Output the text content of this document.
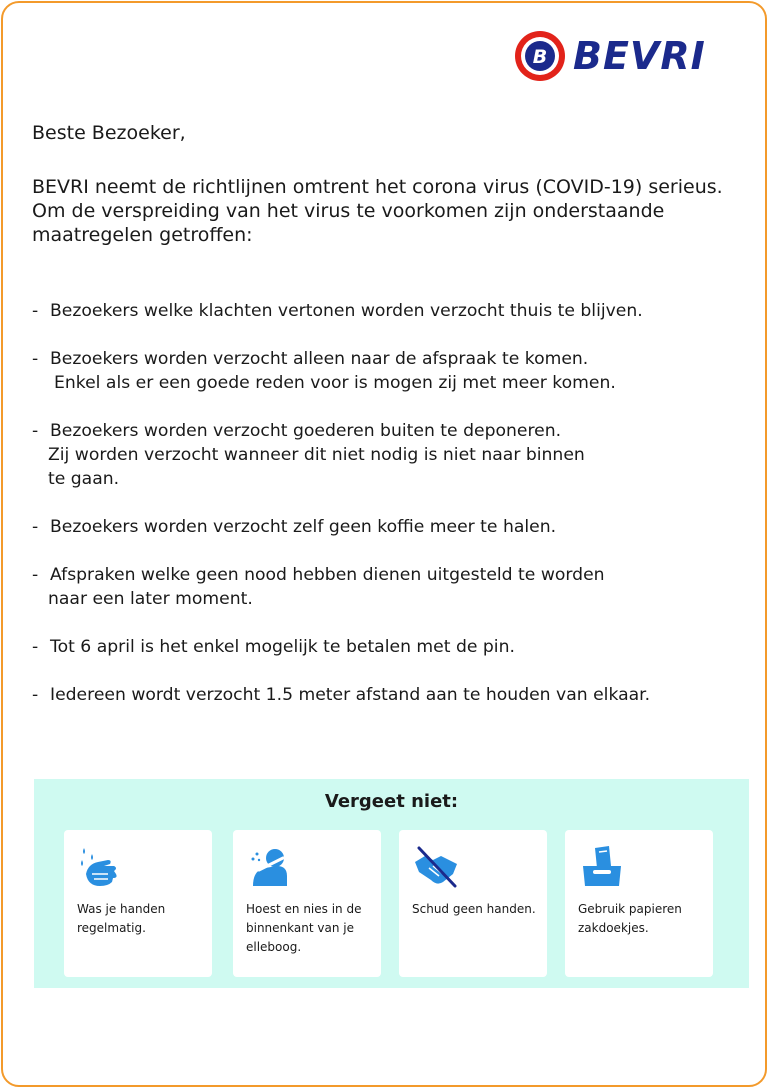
B BEVRI
Beste Bezoeker,
BEVRI neemt de richtlijnen omtrent het corona virus (COVID-19) serieus. Om de verspreiding van het virus te voorkomen zijn onderstaande maatregelen getroffen:
- Bezoekers welke klachten vertonen worden verzocht thuis te blijven.
- Bezoekers worden verzocht alleen naar de afspraak te komen.
Enkel als er een goede reden voor is mogen zij met meer komen.
- Bezoekers worden verzocht goederen buiten te deponeren.
Zij worden verzocht wanneer dit niet nodig is niet naar binnen
te gaan.
- Bezoekers worden verzocht zelf geen koffie meer te halen.
- Afspraken welke geen nood hebben dienen uitgesteld te worden
naar een later moment.
- Tot 6 april is het enkel mogelijk te betalen met de pin.
- Iedereen wordt verzocht 1.5 meter afstand aan te houden van elkaar.
Vergeet niet:
Was je handen
regelmatig.
Hoest en nies in de
binnenkant van je
elleboog.
Schud geen handen.	Gebruik papieren
zakdoekjes.
